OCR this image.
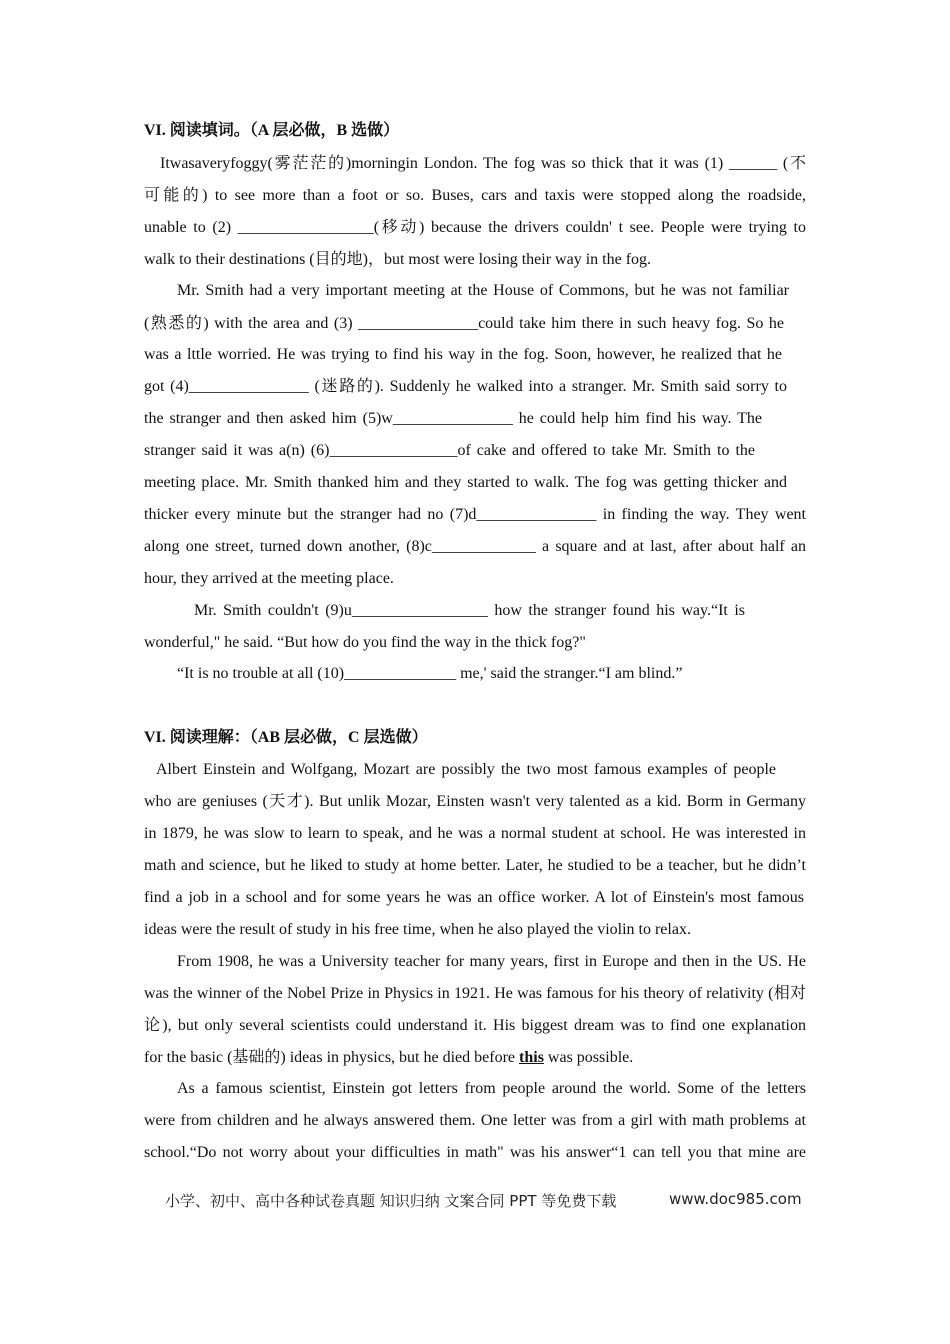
VI. 阅读填词。（A 层必做，B 选做）
Itwasaveryfoggy(雾茫茫的)morningin London. The fog was so thick that it was (1) ______ (不
可能的) to see more than a foot or so. Buses, cars and taxis were stopped along the roadside,
unable to (2) _________________(移动) because the drivers couldn' t see. People were trying to
walk to their destinations (目的地)，but most were losing their way in the fog.
Mr. Smith had a very important meeting at the House of Commons, but he was not familiar
(熟悉的) with the area and (3) _______________could take him there in such heavy fog. So he
was a lttle worried. He was trying to find his way in the fog. Soon, however, he realized that he
got (4)_______________ (迷路的). Suddenly he walked into a stranger. Mr. Smith said sorry to
the stranger and then asked him (5)w_______________ he could help him find his way. The
stranger said it was a(n) (6)________________of cake and offered to take Mr. Smith to the
meeting place. Mr. Smith thanked him and they started to walk. The fog was getting thicker and
thicker every minute but the stranger had no (7)d_______________ in finding the way. They went
along one street, turned down another, (8)c_____________ a square and at last, after about half an
hour, they arrived at the meeting place.
Mr. Smith couldn't (9)u_________________ how the stranger found his way.“It is
wonderful," he said. “But how do you find the way in the thick fog?"
“It is no trouble at all (10)______________ me,' said the stranger.“I am blind.”
VI. 阅读理解：（AB 层必做，C 层选做）
Albert Einstein and Wolfgang, Mozart are possibly the two most famous examples of people
who are geniuses (天才). But unlik Mozar, Einsten wasn't very talented as a kid. Borm in Germany
in 1879, he was slow to learn to speak, and he was a normal student at school. He was interested in
math and science, but he liked to study at home better. Later, he studied to be a teacher, but he didn’t
find a job in a school and for some years he was an office worker. A lot of Einstein's most famous
ideas were the result of study in his free time, when he also played the violin to relax.
From 1908, he was a University teacher for many years, first in Europe and then in the US. He
was the winner of the Nobel Prize in Physics in 1921. He was famous for his theory of relativity (相对
论), but only several scientists could understand it. His biggest dream was to find one explanation
for the basic (基础的) ideas in physics, but he died before this was possible.
As a famous scientist, Einstein got letters from people around the world. Some of the letters
were from children and he always answered them. One letter was from a girl with math problems at
school.“Do not worry about your difficulties in math" was his answer“1 can tell you that mine are
小学、初中、高中各种试卷真题 知识归纳 文案合同 PPT 等免费下载	www.doc985.com
